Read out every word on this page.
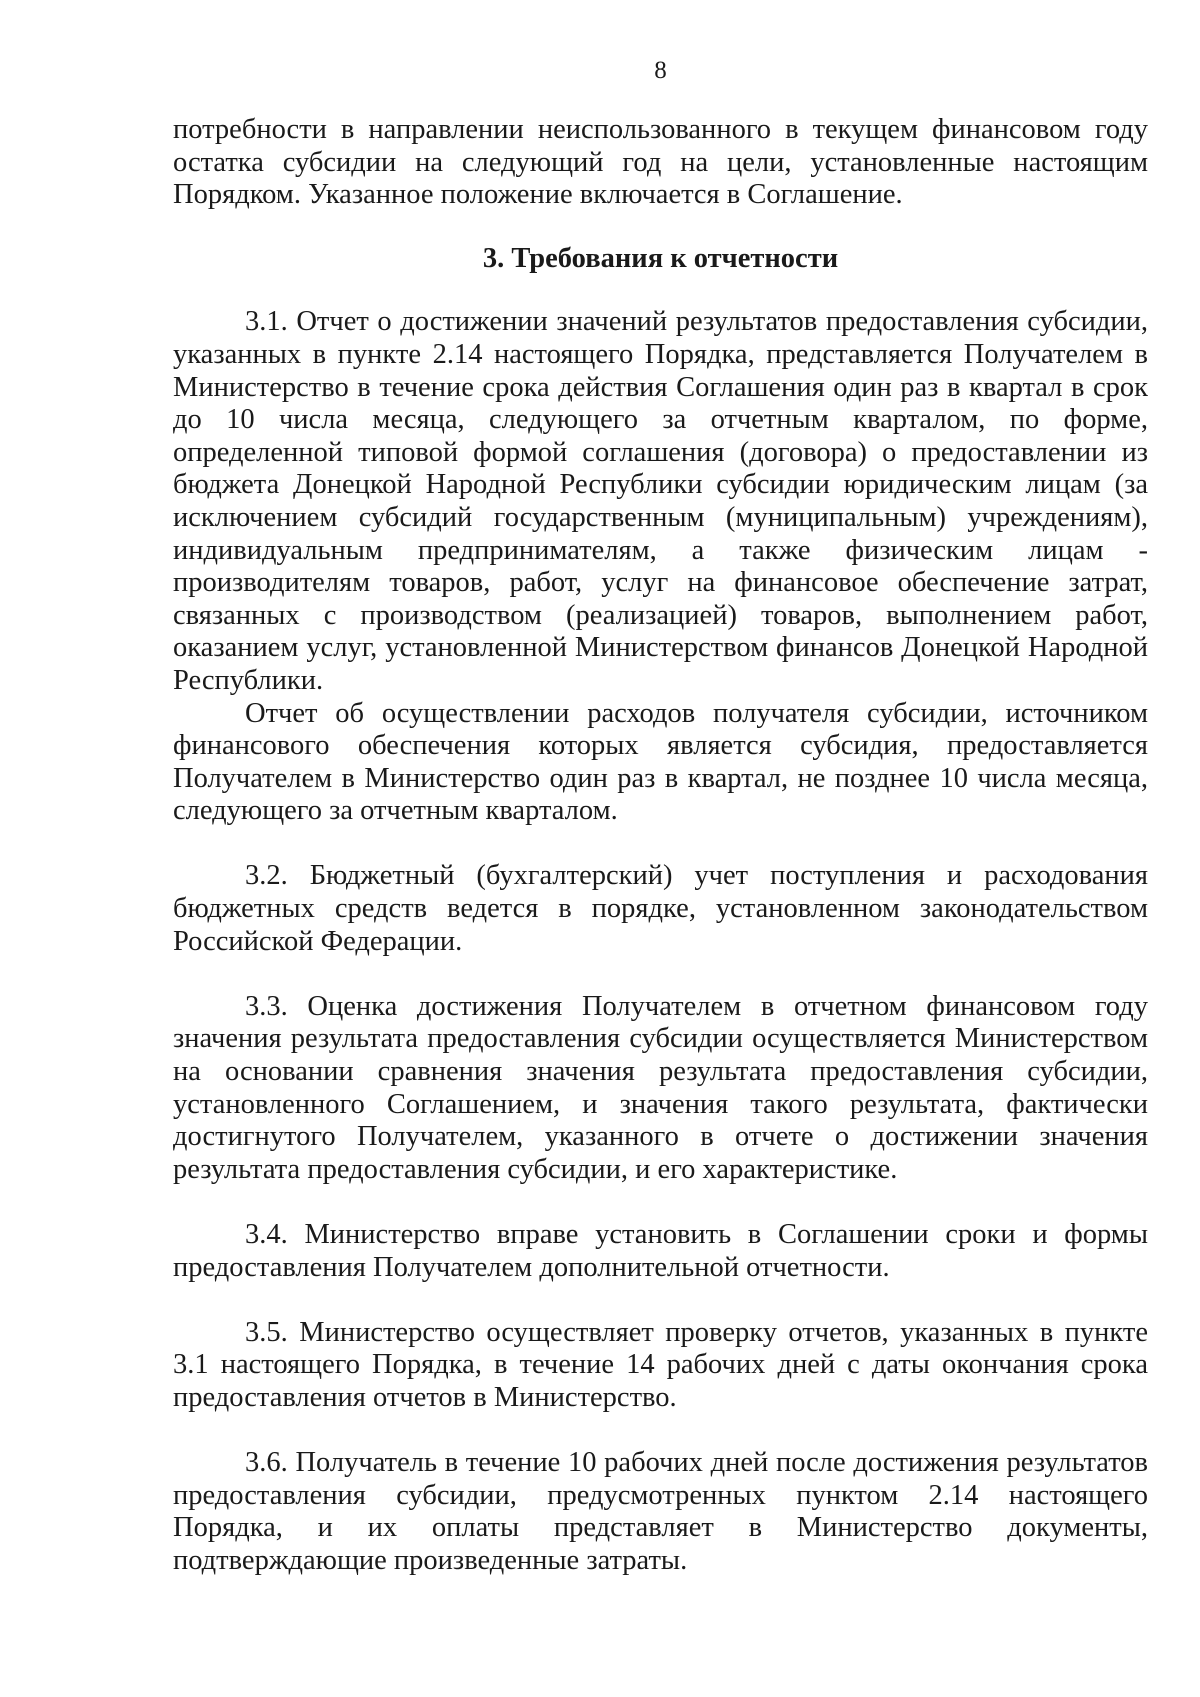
8

потребности в направлении неиспользованного в текущем финансовом году остатка субсидии на следующий год на цели, установленные настоящим Порядком. Указанное положение включается в Соглашение.

3. Требования к отчетности

3.1. Отчет о достижении значений результатов предоставления субсидии, указанных в пункте 2.14 настоящего Порядка, представляется Получателем в Министерство в течение срока действия Соглашения один раз в квартал в срок до 10 числа месяца, следующего за отчетным кварталом, по форме, определенной типовой формой соглашения (договора) о предоставлении из бюджета Донецкой Народной Республики субсидии юридическим лицам (за исключением субсидий государственным (муниципальным) учреждениям), индивидуальным предпринимателям, а также физическим лицам - производителям товаров, работ, услуг на финансовое обеспечение затрат, связанных с производством (реализацией) товаров, выполнением работ, оказанием услуг, установленной Министерством финансов Донецкой Народной Республики.

Отчет об осуществлении расходов получателя субсидии, источником финансового обеспечения которых является субсидия, предоставляется Получателем в Министерство один раз в квартал, не позднее 10 числа месяца, следующего за отчетным кварталом.

3.2. Бюджетный (бухгалтерский) учет поступления и расходования бюджетных средств ведется в порядке, установленном законодательством Российской Федерации.

3.3. Оценка достижения Получателем в отчетном финансовом году значения результата предоставления субсидии осуществляется Министерством на основании сравнения значения результата предоставления субсидии, установленного Соглашением, и значения такого результата, фактически достигнутого Получателем, указанного в отчете о достижении значения результата предоставления субсидии, и его характеристике.

3.4. Министерство вправе установить в Соглашении сроки и формы предоставления Получателем дополнительной отчетности.

3.5. Министерство осуществляет проверку отчетов, указанных в пункте 3.1 настоящего Порядка, в течение 14 рабочих дней с даты окончания срока предоставления отчетов в Министерство.

3.6. Получатель в течение 10 рабочих дней после достижения результатов предоставления субсидии, предусмотренных пунктом 2.14 настоящего Порядка, и их оплаты представляет в Министерство документы, подтверждающие произведенные затраты.
